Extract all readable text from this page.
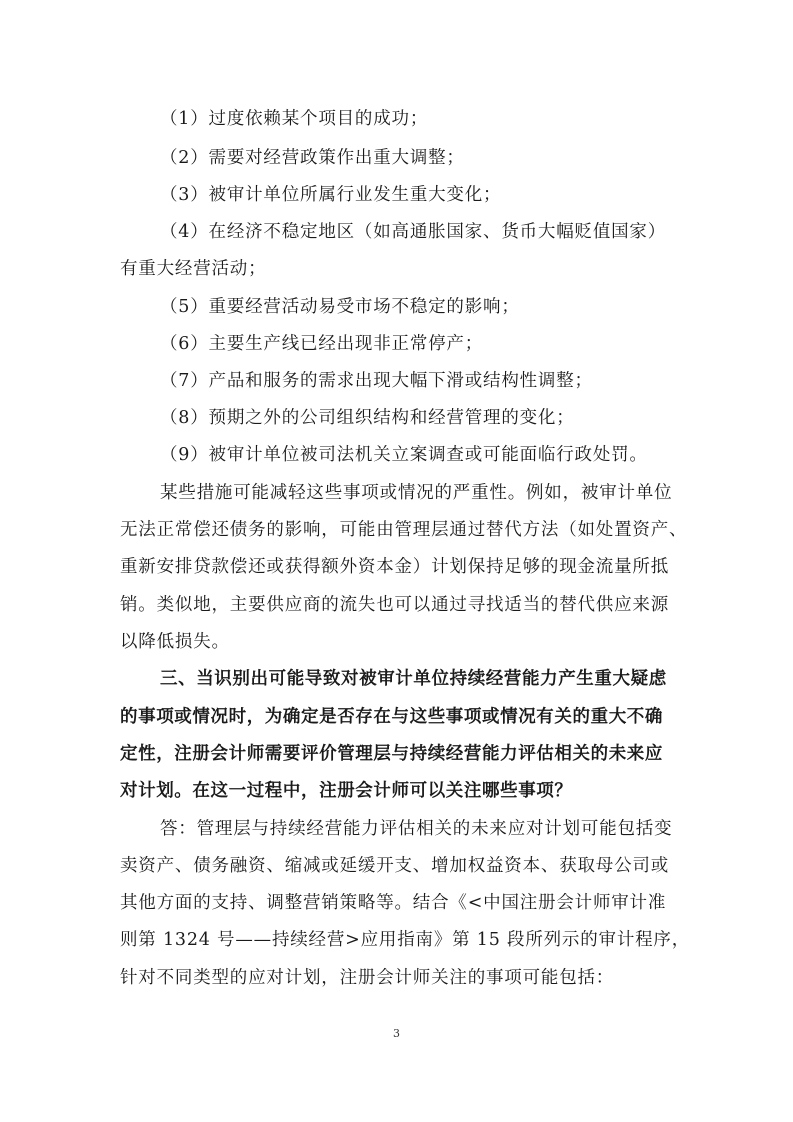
（1）过度依赖某个项目的成功；
（2）需要对经营政策作出重大调整；
（3）被审计单位所属行业发生重大变化；
（4）在经济不稳定地区（如高通胀国家、货币大幅贬值国家）
有重大经营活动；
（5）重要经营活动易受市场不稳定的影响；
（6）主要生产线已经出现非正常停产；
（7）产品和服务的需求出现大幅下滑或结构性调整；
（8）预期之外的公司组织结构和经营管理的变化；
（9）被审计单位被司法机关立案调查或可能面临行政处罚。
某些措施可能减轻这些事项或情况的严重性。例如，被审计单位
无法正常偿还债务的影响，可能由管理层通过替代方法（如处置资产、
重新安排贷款偿还或获得额外资本金）计划保持足够的现金流量所抵
销。类似地，主要供应商的流失也可以通过寻找适当的替代供应来源
以降低损失。
三、当识别出可能导致对被审计单位持续经营能力产生重大疑虑
的事项或情况时，为确定是否存在与这些事项或情况有关的重大不确
定性，注册会计师需要评价管理层与持续经营能力评估相关的未来应
对计划。在这一过程中，注册会计师可以关注哪些事项？
答：管理层与持续经营能力评估相关的未来应对计划可能包括变
卖资产、债务融资、缩减或延缓开支、增加权益资本、获取母公司或
其他方面的支持、调整营销策略等。结合《<中国注册会计师审计准
则第 1324 号——持续经营>应用指南》第 15 段所列示的审计程序，
针对不同类型的应对计划，注册会计师关注的事项可能包括：
3
